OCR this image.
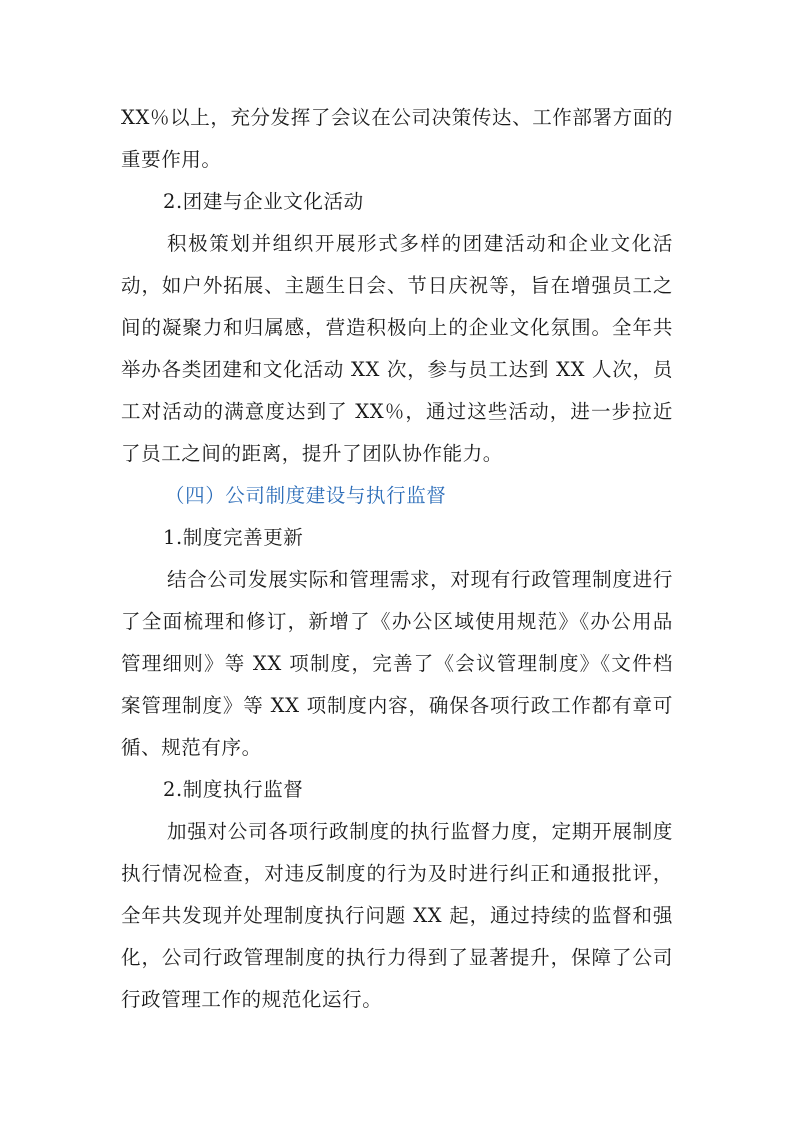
XX％以上，充分发挥了会议在公司决策传达、工作部署方面的
重要作用。
2.团建与企业文化活动
积极策划并组织开展形式多样的团建活动和企业文化活
动，如户外拓展、主题生日会、节日庆祝等，旨在增强员工之
间的凝聚力和归属感，营造积极向上的企业文化氛围。全年共
举办各类团建和文化活动 XX 次，参与员工达到 XX 人次，员
工对活动的满意度达到了 XX％，通过这些活动，进一步拉近
了员工之间的距离，提升了团队协作能力。
（四）公司制度建设与执行监督
1.制度完善更新
结合公司发展实际和管理需求，对现有行政管理制度进行
了全面梳理和修订，新增了《办公区域使用规范》《办公用品
管理细则》等 XX 项制度，完善了《会议管理制度》《文件档
案管理制度》等 XX 项制度内容，确保各项行政工作都有章可
循、规范有序。
2.制度执行监督
加强对公司各项行政制度的执行监督力度，定期开展制度
执行情况检查，对违反制度的行为及时进行纠正和通报批评，
全年共发现并处理制度执行问题 XX 起，通过持续的监督和强
化，公司行政管理制度的执行力得到了显著提升，保障了公司
行政管理工作的规范化运行。
